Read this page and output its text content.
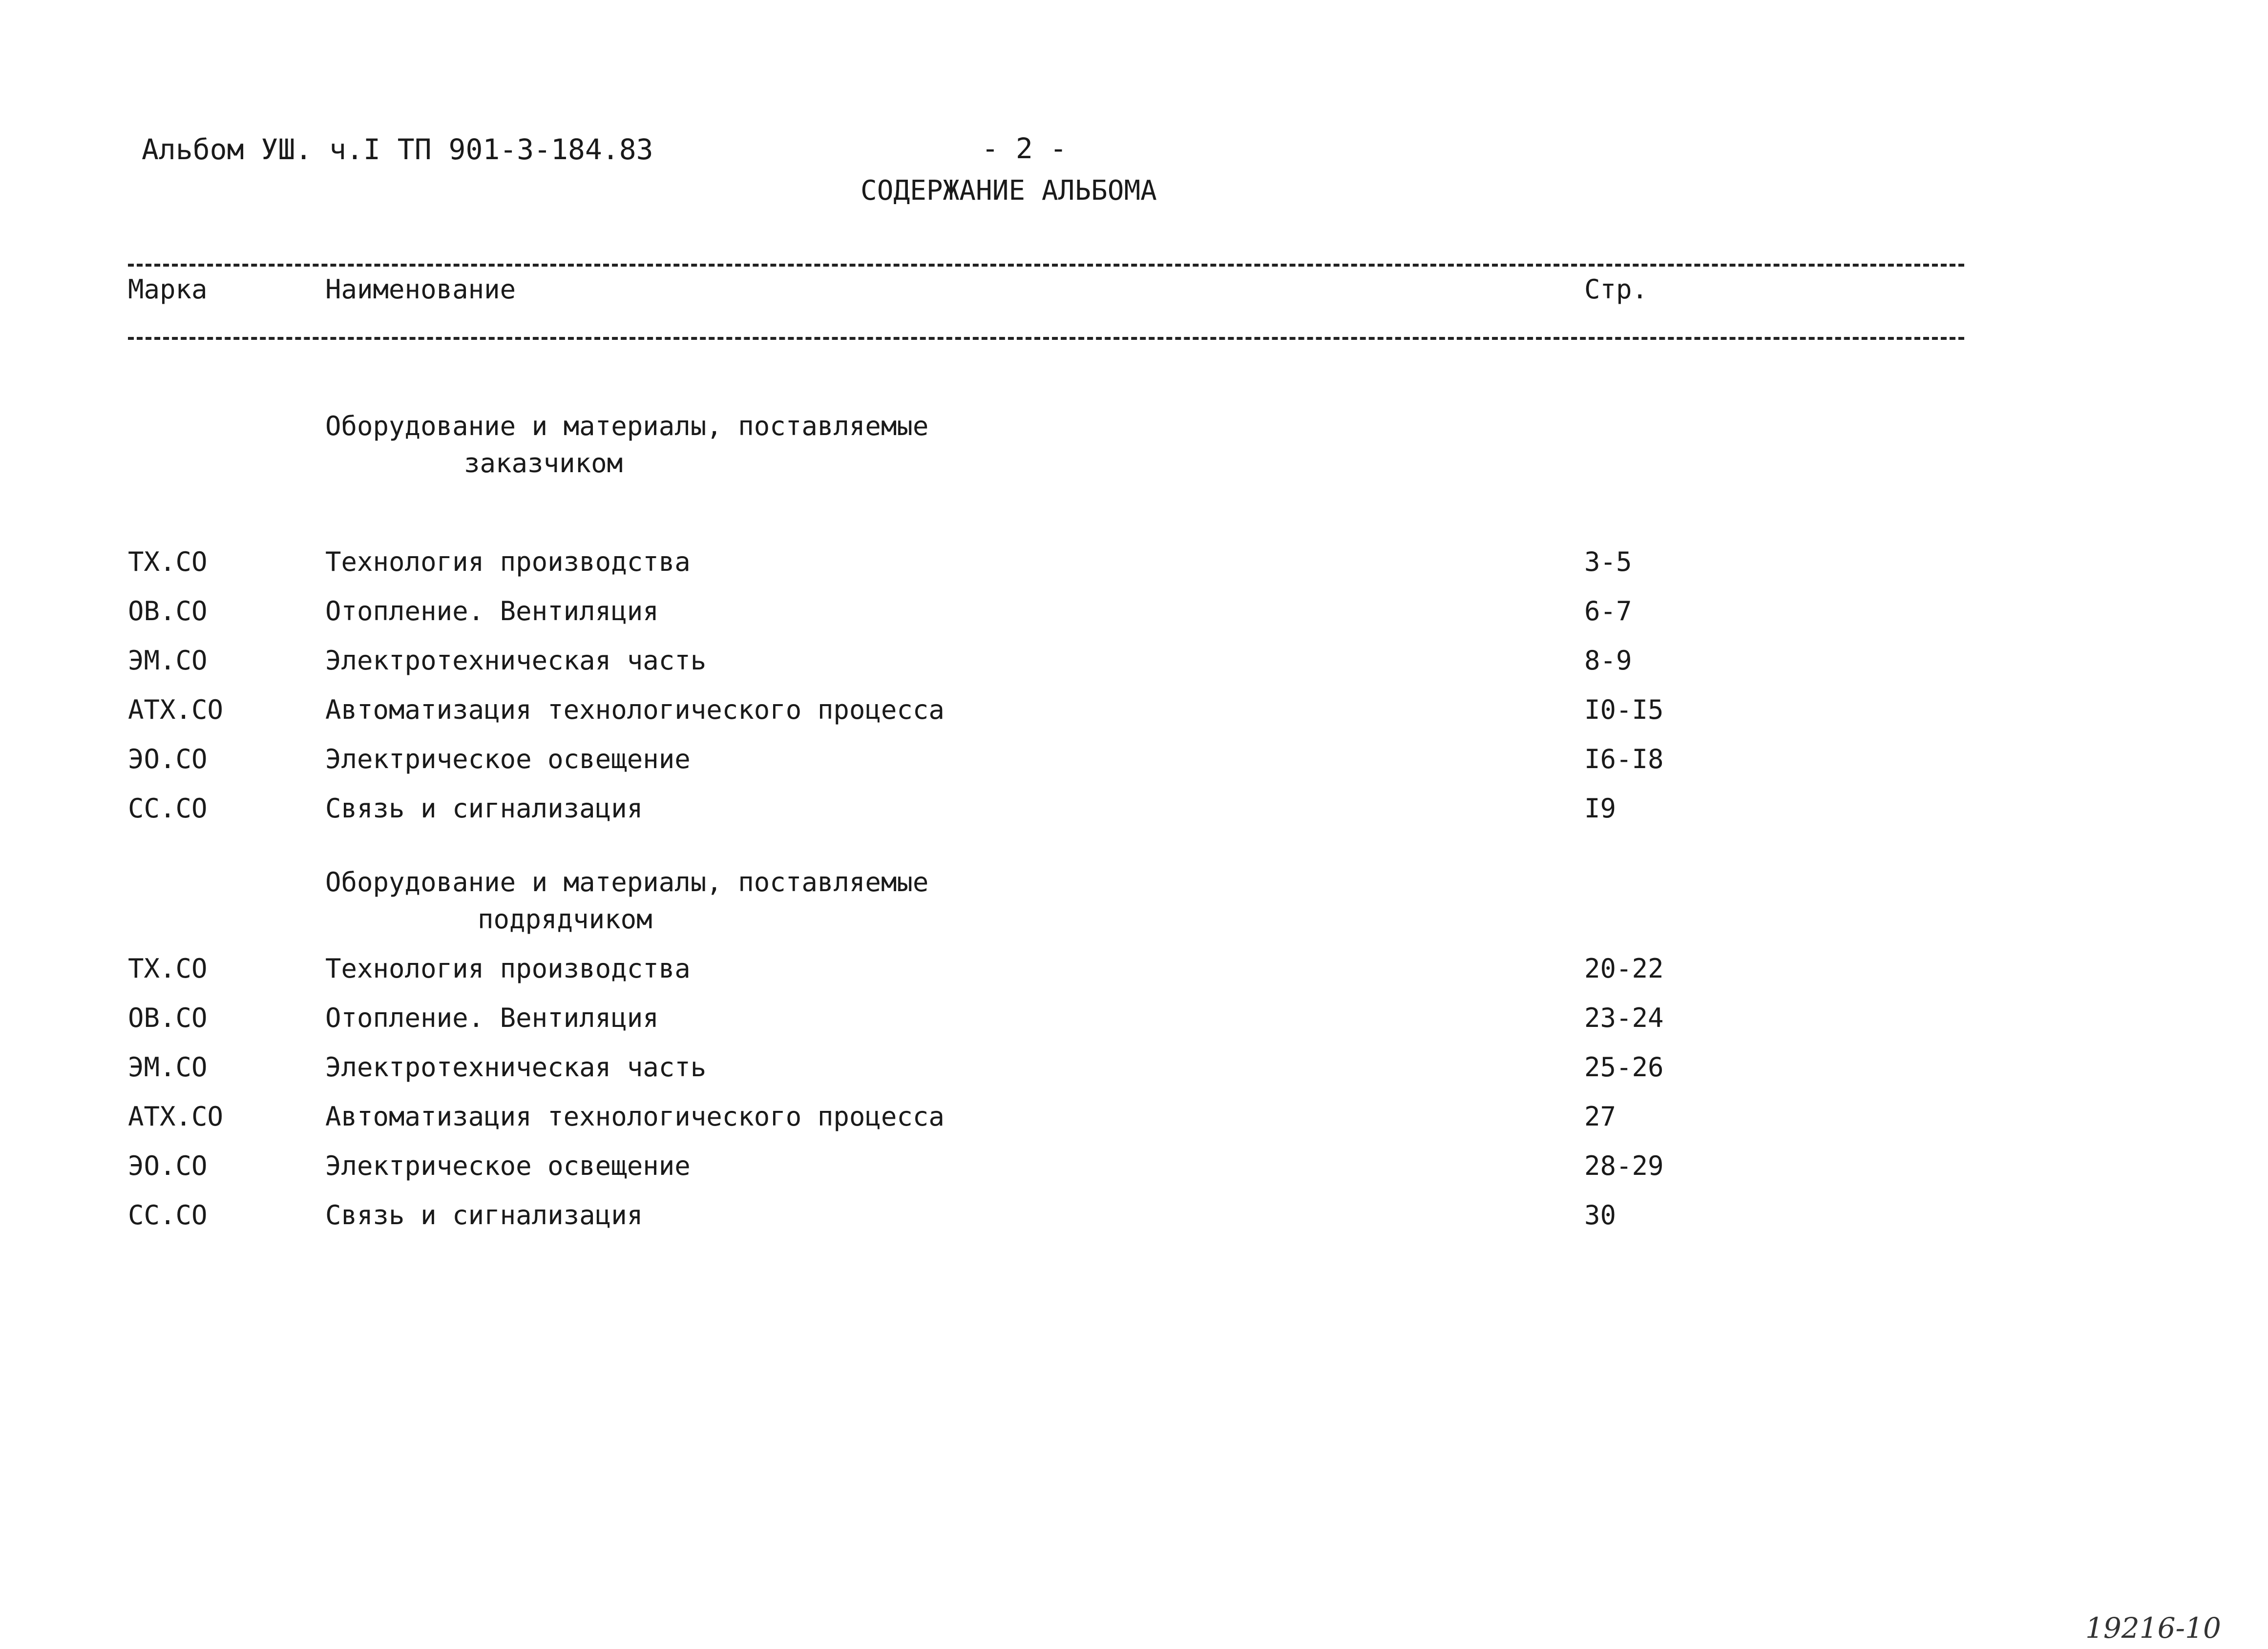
Альбом УШ. ч.I ТП 901-3-184.83	- 2 -
СОДЕРЖАНИЕ АЛЬБОМА
Марка	Наименование	Стр.
Оборудование и материалы, поставляемые
заказчиком
ТХ.СО	Технология производства	3-5
ОВ.СО	Отопление. Вентиляция	6-7
ЭМ.СО	Электротехническая часть	8-9
АТХ.СО	Автоматизация технологического процесса	I0-I5
ЭО.СО	Электрическое освещение	I6-I8
СС.СО	Связь и сигнализация	I9
Оборудование и материалы, поставляемые
подрядчиком
ТХ.СО	Технология производства	20-22
ОВ.СО	Отопление. Вентиляция	23-24
ЭМ.СО	Электротехническая часть	25-26
АТХ.СО	Автоматизация технологического процесса	27
ЭО.СО	Электрическое освещение	28-29
СС.СО	Связь и сигнализация	30
19216-10
